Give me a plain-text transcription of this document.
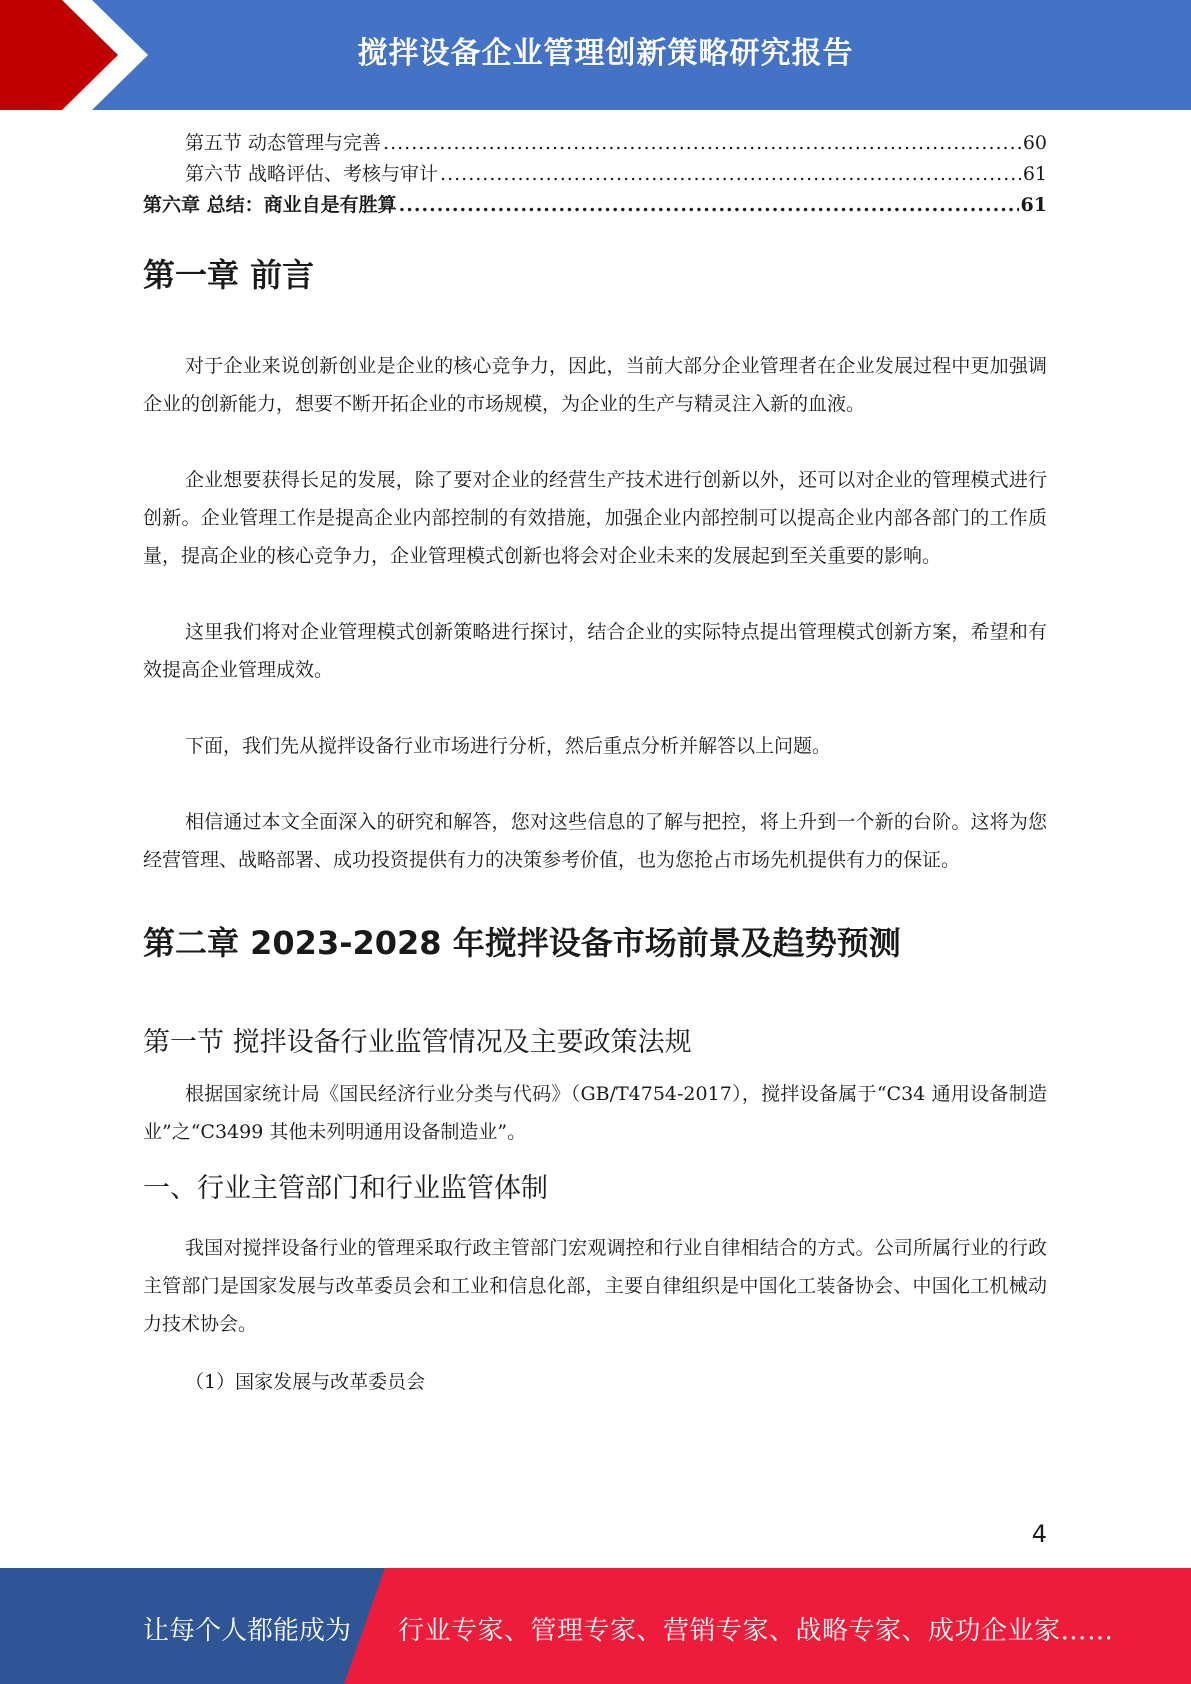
搅拌设备企业管理创新策略研究报告
第五节 动态管理与完善 .....	60
第六节 战略评估、考核与审计 .....	61
第六章 总结：商业自是有胜算 .....	61
第一章 前言

对于企业来说创新创业是企业的核心竞争力，因此，当前大部分企业管理者在企业发展过程中更加强调企业的创新能力，想要不断开拓企业的市场规模，为企业的生产与精灵注入新的血液。

企业想要获得长足的发展，除了要对企业的经营生产技术进行创新以外，还可以对企业的管理模式进行创新。企业管理工作是提高企业内部控制的有效措施，加强企业内部控制可以提高企业内部各部门的工作质量，提高企业的核心竞争力，企业管理模式创新也将会对企业未来的发展起到至关重要的影响。

这里我们将对企业管理模式创新策略进行探讨，结合企业的实际特点提出管理模式创新方案，希望和有效提高企业管理成效。

下面，我们先从搅拌设备行业市场进行分析，然后重点分析并解答以上问题。

相信通过本文全面深入的研究和解答，您对这些信息的了解与把控，将上升到一个新的台阶。这将为您经营管理、战略部署、成功投资提供有力的决策参考价值，也为您抢占市场先机提供有力的保证。

第二章 2023-2028 年搅拌设备市场前景及趋势预测
第一节 搅拌设备行业监管情况及主要政策法规

根据国家统计局《国民经济行业分类与代码》（GB/T4754-2017），搅拌设备属于“C34 通用设备制造业”之“C3499 其他未列明通用设备制造业”。

一、行业主管部门和行业监管体制

我国对搅拌设备行业的管理采取行政主管部门宏观调控和行业自律相结合的方式。公司所属行业的行政主管部门是国家发展与改革委员会和工业和信息化部，主要自律组织是中国化工装备协会、中国化工机械动力技术协会。

（1）国家发展与改革委员会

4
让每个人都能成为 行业专家、管理专家、营销专家、战略专家、成功企业家……
